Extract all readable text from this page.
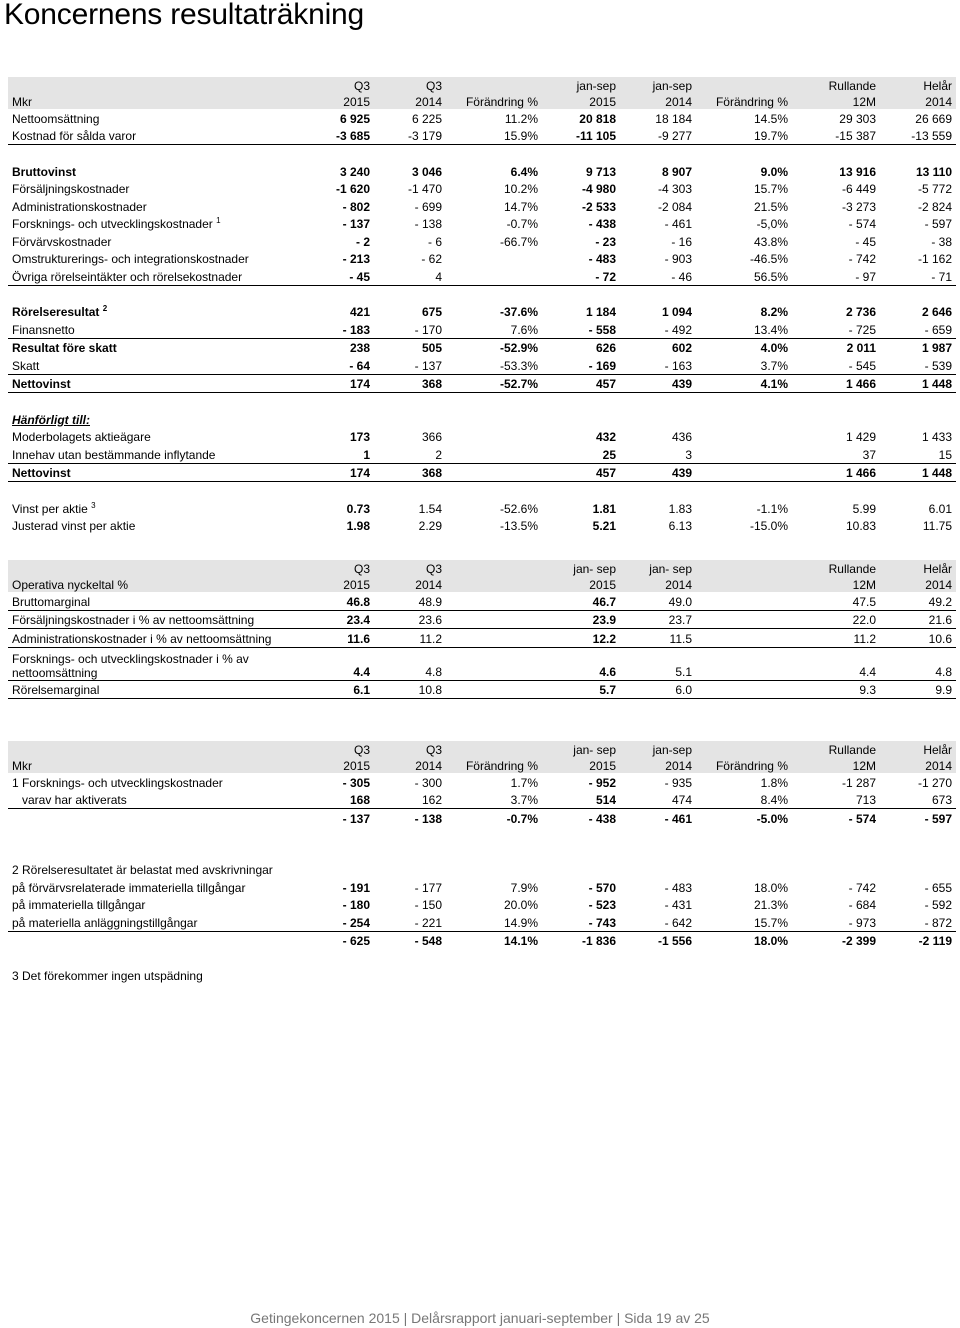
Koncernens resultaträkning
	Q3	Q3		jan-sep	jan-sep		Rullande	Helår
Mkr	2015	2014	Förändring %	2015	2014	Förändring %	12M	2014
Nettoomsättning	6 925	6 225	11.2%	20 818	18 184	14.5%	29 303	26 669
Kostnad för sålda varor	-3 685	-3 179	15.9%	-11 105	-9 277	19.7%	-15 387	-13 559

Bruttovinst	3 240	3 046	6.4%	9 713	8 907	9.0%	13 916	13 110
Försäljningskostnader	-1 620	-1 470	10.2%	-4 980	-4 303	15.7%	-6 449	-5 772
Administrationskostnader	- 802	- 699	14.7%	-2 533	-2 084	21.5%	-3 273	-2 824
Forsknings- och utvecklingskostnader $^1$	- 137	- 138	-0.7%	- 438	- 461	-5,0%	- 574	- 597
Förvärvskostnader	- 2	- 6	-66.7%	- 23	- 16	43.8%	- 45	- 38
Omstrukturerings- och integrationskostnader	- 213	- 62		- 483	- 903	-46.5%	- 742	-1 162
Övriga rörelseintäkter och rörelsekostnader	- 45	4		- 72	- 46	56.5%	- 97	- 71

Rörelseresultat $^2$	421	675	-37.6%	1 184	1 094	8.2%	2 736	2 646
Finansnetto	- 183	- 170	7.6%	- 558	- 492	13.4%	- 725	- 659
Resultat före skatt	238	505	-52.9%	626	602	4.0%	2 011	1 987
Skatt	- 64	- 137	-53.3%	- 169	- 163	3.7%	- 545	- 539
Nettovinst	174	368	-52.7%	457	439	4.1%	1 466	1 448

Hänförligt till:								
Moderbolagets aktieägare	173	366		432	436		1 429	1 433
Innehav utan bestämmande inflytande	1	2		25	3		37	15
Nettovinst	174	368		457	439		1 466	1 448

Vinst per aktie $^3$	0.73	1.54	-52.6%	1.81	1.83	-1.1%	5.99	6.01
Justerad vinst per aktie	1.98	2.29	-13.5%	5.21	6.13	-15.0%	10.83	11.75
	Q3	Q3		jan- sep	jan- sep		Rullande	Helår
Operativa nyckeltal %	2015	2014		2015	2014		12M	2014
Bruttomarginal	46.8	48.9		46.7	49.0		47.5	49.2
Försäljningskostnader i % av nettoomsättning	23.4	23.6		23.9	23.7		22.0	21.6
Administrationskostnader i % av nettoomsättning	11.6	11.2		12.2	11.5		11.2	10.6
Forsknings- och utvecklingskostnader i % av nettoomsättning	4.4	4.8		4.6	5.1		4.4	4.8
Rörelsemarginal	6.1	10.8		5.7	6.0		9.3	9.9
	Q3	Q3		jan- sep	jan-sep		Rullande	Helår
Mkr	2015	2014	Förändring %	2015	2014	Förändring %	12M	2014
1 Forsknings- och utvecklingskostnader	- 305	- 300	1.7%	- 952	- 935	1.8%	-1 287	-1 270
varav har aktiverats	168	162	3.7%	514	474	8.4%	713	673
	- 137	- 138	-0.7%	- 438	- 461	-5.0%	- 574	- 597

2 Rörelseresultatet är belastat med avskrivningar								
på förvärvsrelaterade immateriella tillgångar	- 191	- 177	7.9%	- 570	- 483	18.0%	- 742	- 655
på immateriella tillgångar	- 180	- 150	20.0%	- 523	- 431	21.3%	- 684	- 592
på materiella anläggningstillgångar	- 254	- 221	14.9%	- 743	- 642	15.7%	- 973	- 872
	- 625	- 548	14.1%	-1 836	-1 556	18.0%	-2 399	-2 119

3 Det förekommer ingen utspädning								
Getingekoncernen 2015 | Delårsrapport januari-september | Sida 19 av 25
